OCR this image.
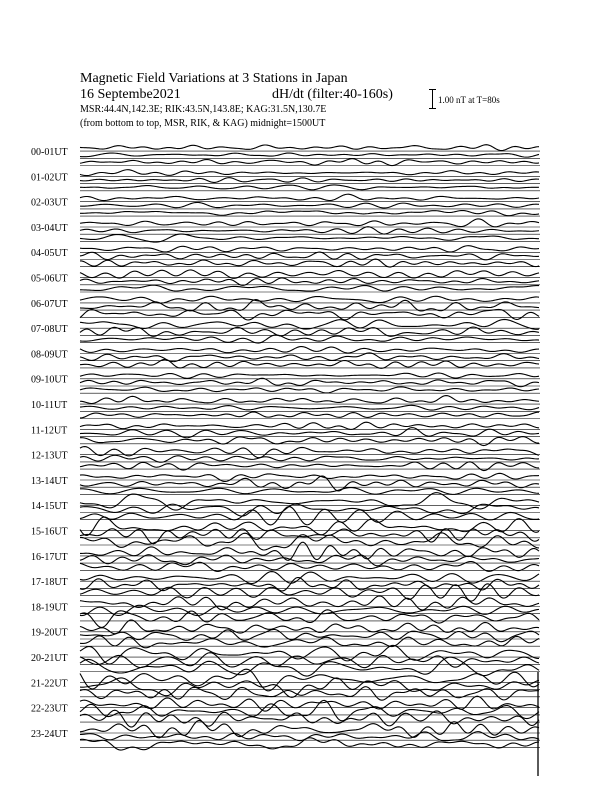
Magnetic Field Variations at 3 Stations in Japan
16 Septembe2021	dH/dt (filter:40-160s)
MSR:44.4N,142.3E; RIK:43.5N,143.8E; KAG:31.5N,130.7E
(from bottom to top, MSR, RIK, & KAG) midnight=1500UT
1.00 nT at T=80s
00-01UT
01-02UT
02-03UT
03-04UT
04-05UT
05-06UT
06-07UT
07-08UT
08-09UT
09-10UT
10-11UT
11-12UT
12-13UT
13-14UT
14-15UT
15-16UT
16-17UT
17-18UT
18-19UT
19-20UT
20-21UT
21-22UT
22-23UT
23-24UT
